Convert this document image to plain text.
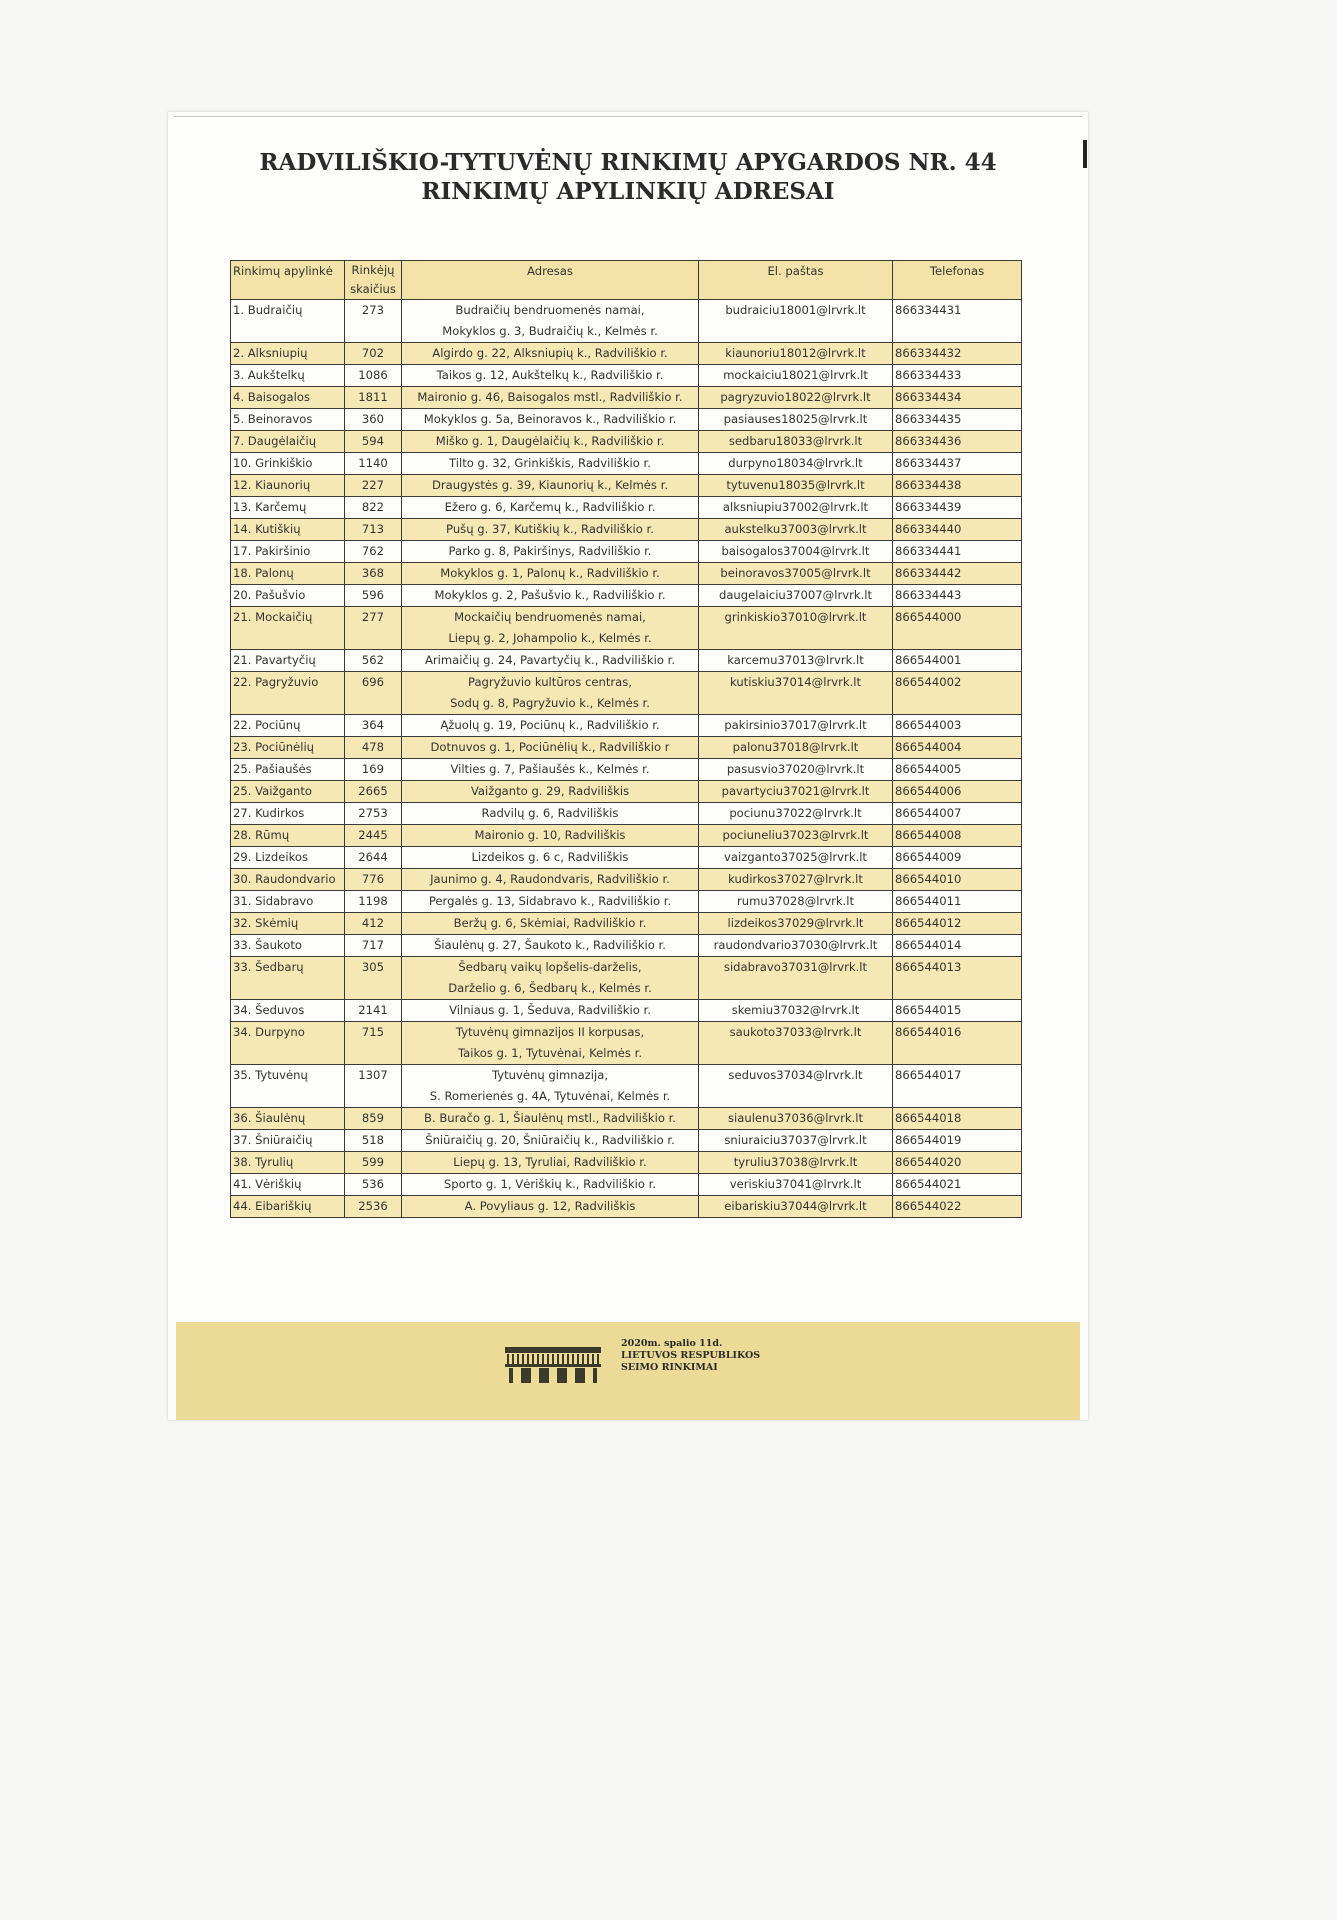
RADVILIŠKIO-TYTUVĖNŲ RINKIMŲ APYGARDOS NR. 44
RINKIMŲ APYLINKIŲ ADRESAI
Rinkimų apylinkė	Rinkėjų
skaičius	Adresas	El. paštas	Telefonas
1. Budraičių	273	Budraičių bendruomenės namai,
Mokyklos g. 3, Budraičių k., Kelmės r.	budraiciu18001@lrvrk.lt	866334431
2. Alksniupių	702	Algirdo g. 22, Alksniupių k., Radviliškio r.	kiaunoriu18012@lrvrk.lt	866334432
3. Aukštelkų	1086	Taikos g. 12, Aukštelkų k., Radviliškio r.	mockaiciu18021@lrvrk.lt	866334433
4. Baisogalos	1811	Maironio g. 46, Baisogalos mstl., Radviliškio r.	pagryzuvio18022@lrvrk.lt	866334434
5. Beinoravos	360	Mokyklos g. 5a, Beinoravos k., Radviliškio r.	pasiauses18025@lrvrk.lt	866334435
7. Daugėlaičių	594	Miško g. 1, Daugėlaičių k., Radviliškio r.	sedbaru18033@lrvrk.lt	866334436
10. Grinkiškio	1140	Tilto g. 32, Grinkiškis, Radviliškio r.	durpyno18034@lrvrk.lt	866334437
12. Kiaunorių	227	Draugystės g. 39, Kiaunorių k., Kelmės r.	tytuvenu18035@lrvrk.lt	866334438
13. Karčemų	822	Ežero g. 6, Karčemų k., Radviliškio r.	alksniupiu37002@lrvrk.lt	866334439
14. Kutiškių	713	Pušų g. 37, Kutiškių k., Radviliškio r.	aukstelku37003@lrvrk.lt	866334440
17. Pakiršinio	762	Parko g. 8, Pakiršinys, Radviliškio r.	baisogalos37004@lrvrk.lt	866334441
18. Palonų	368	Mokyklos g. 1, Palonų k., Radviliškio r.	beinoravos37005@lrvrk.lt	866334442
20. Pašušvio	596	Mokyklos g. 2, Pašušvio k., Radviliškio r.	daugelaiciu37007@lrvrk.lt	866334443
21. Mockaičių	277	Mockaičių bendruomenės namai,
Liepų g. 2, Johampolio k., Kelmės r.	grinkiskio37010@lrvrk.lt	866544000
21. Pavartyčių	562	Arimaičių g. 24, Pavartyčių k., Radviliškio r.	karcemu37013@lrvrk.lt	866544001
22. Pagryžuvio	696	Pagryžuvio kultūros centras,
Sodų g. 8, Pagryžuvio k., Kelmės r.	kutiskiu37014@lrvrk.lt	866544002
22. Pociūnų	364	Ąžuolų g. 19, Pociūnų k., Radviliškio r.	pakirsinio37017@lrvrk.lt	866544003
23. Pociūnėlių	478	Dotnuvos g. 1, Pociūnėlių k., Radviliškio r	palonu37018@lrvrk.lt	866544004
25. Pašiaušės	169	Vilties g. 7, Pašiaušės k., Kelmės r.	pasusvio37020@lrvrk.lt	866544005
25. Vaižganto	2665	Vaižganto g. 29, Radviliškis	pavartyciu37021@lrvrk.lt	866544006
27. Kudirkos	2753	Radvilų g. 6, Radviliškis	pociunu37022@lrvrk.lt	866544007
28. Rūmų	2445	Maironio g. 10, Radviliškis	pociuneliu37023@lrvrk.lt	866544008
29. Lizdeikos	2644	Lizdeikos g. 6 c, Radviliškis	vaizganto37025@lrvrk.lt	866544009
30. Raudondvario	776	Jaunimo g. 4, Raudondvaris, Radviliškio r.	kudirkos37027@lrvrk.lt	866544010
31. Sidabravo	1198	Pergalės g. 13, Sidabravo k., Radviliškio r.	rumu37028@lrvrk.lt	866544011
32. Skėmių	412	Beržų g. 6, Skėmiai, Radviliškio r.	lizdeikos37029@lrvrk.lt	866544012
33. Šaukoto	717	Šiaulėnų g. 27, Šaukoto k., Radviliškio r.	raudondvario37030@lrvrk.lt	866544014
33. Šedbarų	305	Šedbarų vaikų lopšelis-darželis,
Darželio g. 6, Šedbarų k., Kelmės r.	sidabravo37031@lrvrk.lt	866544013
34. Šeduvos	2141	Vilniaus g. 1, Šeduva, Radviliškio r.	skemiu37032@lrvrk.lt	866544015
34. Durpyno	715	Tytuvėnų gimnazijos II korpusas,
Taikos g. 1, Tytuvėnai, Kelmės r.	saukoto37033@lrvrk.lt	866544016
35. Tytuvėnų	1307	Tytuvėnų gimnazija,
S. Romerienės g. 4A, Tytuvėnai, Kelmės r.	seduvos37034@lrvrk.lt	866544017
36. Šiaulėnų	859	B. Buračo g. 1, Šiaulėnų mstl., Radviliškio r.	siaulenu37036@lrvrk.lt	866544018
37. Šniūraičių	518	Šniūraičių g. 20, Šniūraičių k., Radviliškio r.	sniuraiciu37037@lrvrk.lt	866544019
38. Tyrulių	599	Liepų g. 13, Tyruliai, Radviliškio r.	tyruliu37038@lrvrk.lt	866544020
41. Vėriškių	536	Sporto g. 1, Vėriškių k., Radviliškio r.	veriskiu37041@lrvrk.lt	866544021
44. Eibariškių	2536	A. Povyliaus g. 12, Radviliškis	eibariskiu37044@lrvrk.lt	866544022
2020m. spalio 11d.
LIETUVOS RESPUBLIKOS
SEIMO RINKIMAI
